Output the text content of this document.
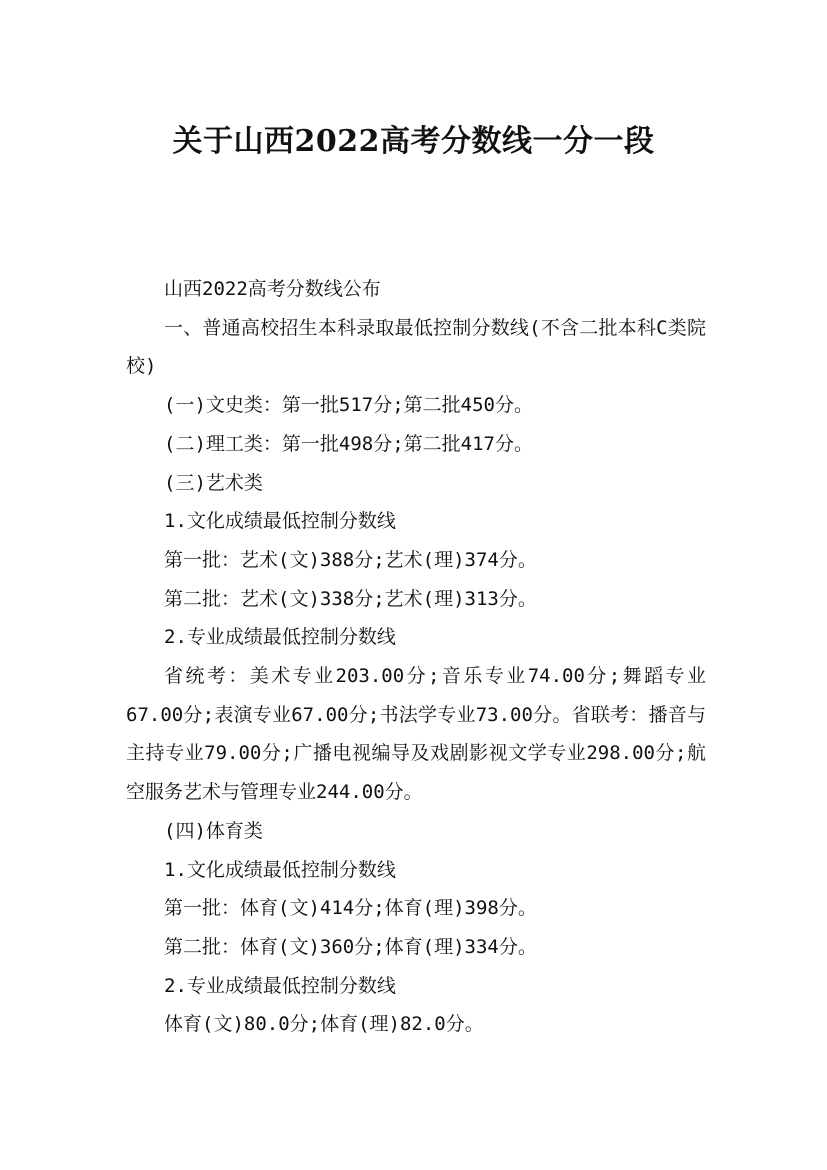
关于山西2022高考分数线一分一段

山西2022高考分数线公布

一、普通高校招生本科录取最低控制分数线(不含二批本科C类院校)

(一)文史类：第一批517分;第二批450分。

(二)理工类：第一批498分;第二批417分。

(三)艺术类

1.文化成绩最低控制分数线

第一批：艺术(文)388分;艺术(理)374分。

第二批：艺术(文)338分;艺术(理)313分。

2.专业成绩最低控制分数线

省统考：美术专业203.00分;音乐专业74.00分;舞蹈专业67.00分;表演专业67.00分;书法学专业73.00分。省联考：播音与主持专业79.00分;广播电视编导及戏剧影视文学专业298.00分;航空服务艺术与管理专业244.00分。

(四)体育类

1.文化成绩最低控制分数线

第一批：体育(文)414分;体育(理)398分。

第二批：体育(文)360分;体育(理)334分。

2.专业成绩最低控制分数线

体育(文)80.0分;体育(理)82.0分。
